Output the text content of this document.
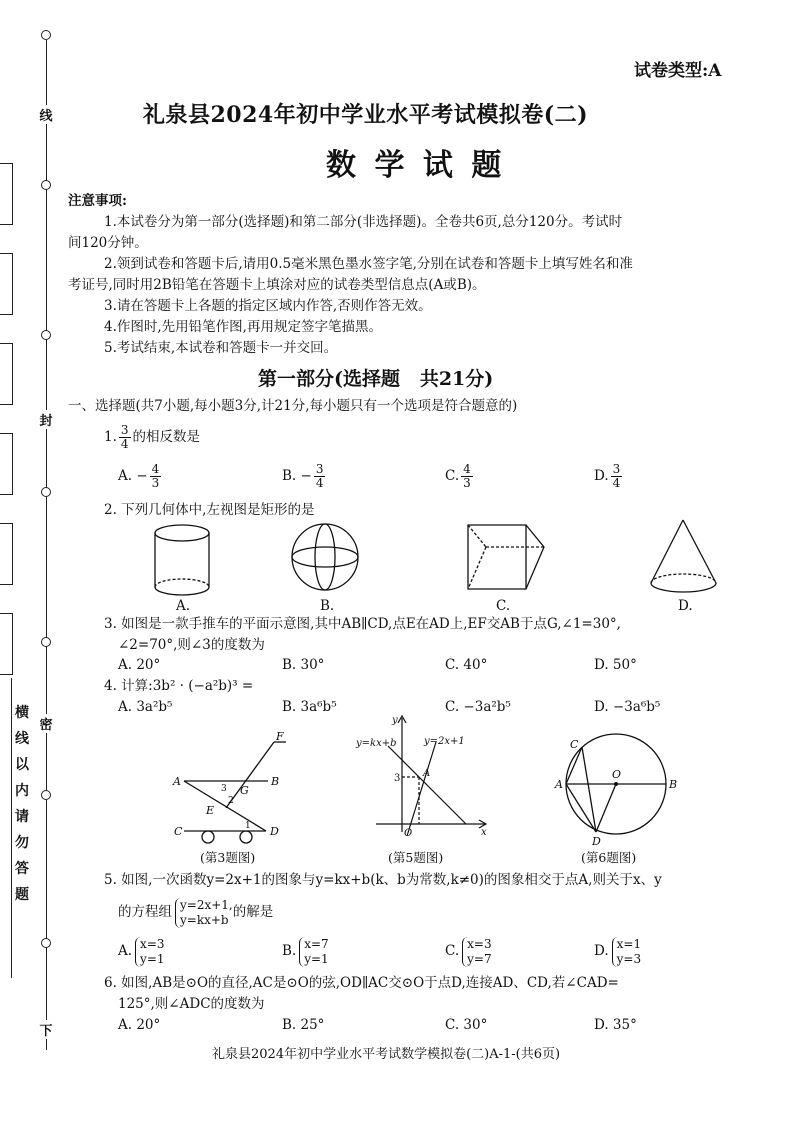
线
封
密
下
横线以内请勿答题
试卷类型:A
礼泉县2024年初中学业水平考试模拟卷(二)
数 学 试 题
注意事项:
1.本试卷分为第一部分(选择题)和第二部分(非选择题)。全卷共6页,总分120分。考试时
间120分钟。
2.领到试卷和答题卡后,请用0.5毫米黑色墨水签字笔,分别在试卷和答题卡上填写姓名和准
考证号,同时用2B铅笔在答题卡上填涂对应的试卷类型信息点(A或B)。
3.请在答题卡上各题的指定区域内作答,否则作答无效。
4.作图时,先用铅笔作图,再用规定签字笔描黑。
5.考试结束,本试卷和答题卡一并交回。
第一部分(选择题   共21分)
一、选择题(共7小题,每小题3分,计21分,每小题只有一个选项是符合题意的)
1. $\frac{3}{4}$ 的相反数是
A. − $\frac{4}{3}$	B. − $\frac{3}{4}$	C. $\frac{4}{3}$	D. $\frac{3}{4}$
2. 下列几何体中,左视图是矩形的是
A.	B.	C.	D.
3. 如图是一款手推车的平面示意图,其中AB∥CD,点E在AD上,EF交AB于点G,∠1=30°,
∠2=70°,则∠3的度数为
A. 20°	B. 30°	C. 40°	D. 50°
4. 计算:3b² · (−a²b)³ =
A. 3a²b⁵	B. 3a⁶b⁵	C. −3a²b⁵	D. −3a⁶b⁵
F
A	B
G
E
C	D
3
2
1
(第3题图)
y
y=kx+b	y=2x+1
3 A
O	x
(第5题图)
C
A
O
B
D
(第6题图)
5. 如图,一次函数y=2x+1的图象与y=kx+b(k、b为常数,k≠0)的图象相交于点A,则关于x、y
的方程组 y=2x+1,
y=kx+b 的解是
A. x=3
y=1	B. x=7
y=1	C. x=3
y=7	D. x=1
y=3
6. 如图,AB是⊙O的直径,AC是⊙O的弦,OD∥AC交⊙O于点D,连接AD、CD,若∠CAD=
125°,则∠ADC的度数为
A. 20°	B. 25°	C. 30°	D. 35°
礼泉县2024年初中学业水平考试数学模拟卷(二)A-1-(共6页)
